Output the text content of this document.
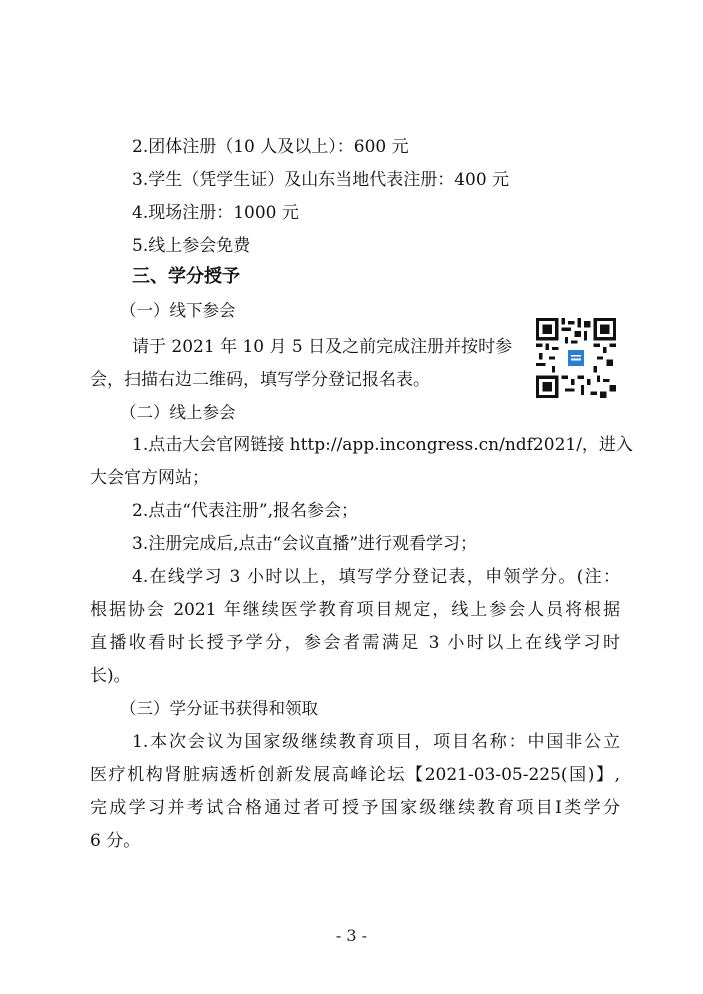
2.团体注册（10 人及以上）：600 元
3.学生（凭学生证）及山东当地代表注册：400 元
4.现场注册：1000 元
5.线上参会免费
三、学分授予
（一）线下参会
请于 2021 年 10 月 5 日及之前完成注册并按时参
会，扫描右边二维码，填写学分登记报名表。
（二）线上参会
1.点击大会官网链接 http://app.incongress.cn/ndf2021/，进入
大会官方网站；
2.点击“代表注册”,报名参会；
3.注册完成后,点击“会议直播”进行观看学习；
4.在线学习 3 小时以上，填写学分登记表，申领学分。(注：
根据协会 2021 年继续医学教育项目规定，线上参会人员将根据
直播收看时长授予学分，参会者需满足 3 小时以上在线学习时
长)。
（三）学分证书获得和领取
1.本次会议为国家级继续教育项目，项目名称：中国非公立
医疗机构肾脏病透析创新发展高峰论坛【2021-03-05-225(国)】,
完成学习并考试合格通过者可授予国家级继续教育项目I类学分
6 分。
- 3 -
